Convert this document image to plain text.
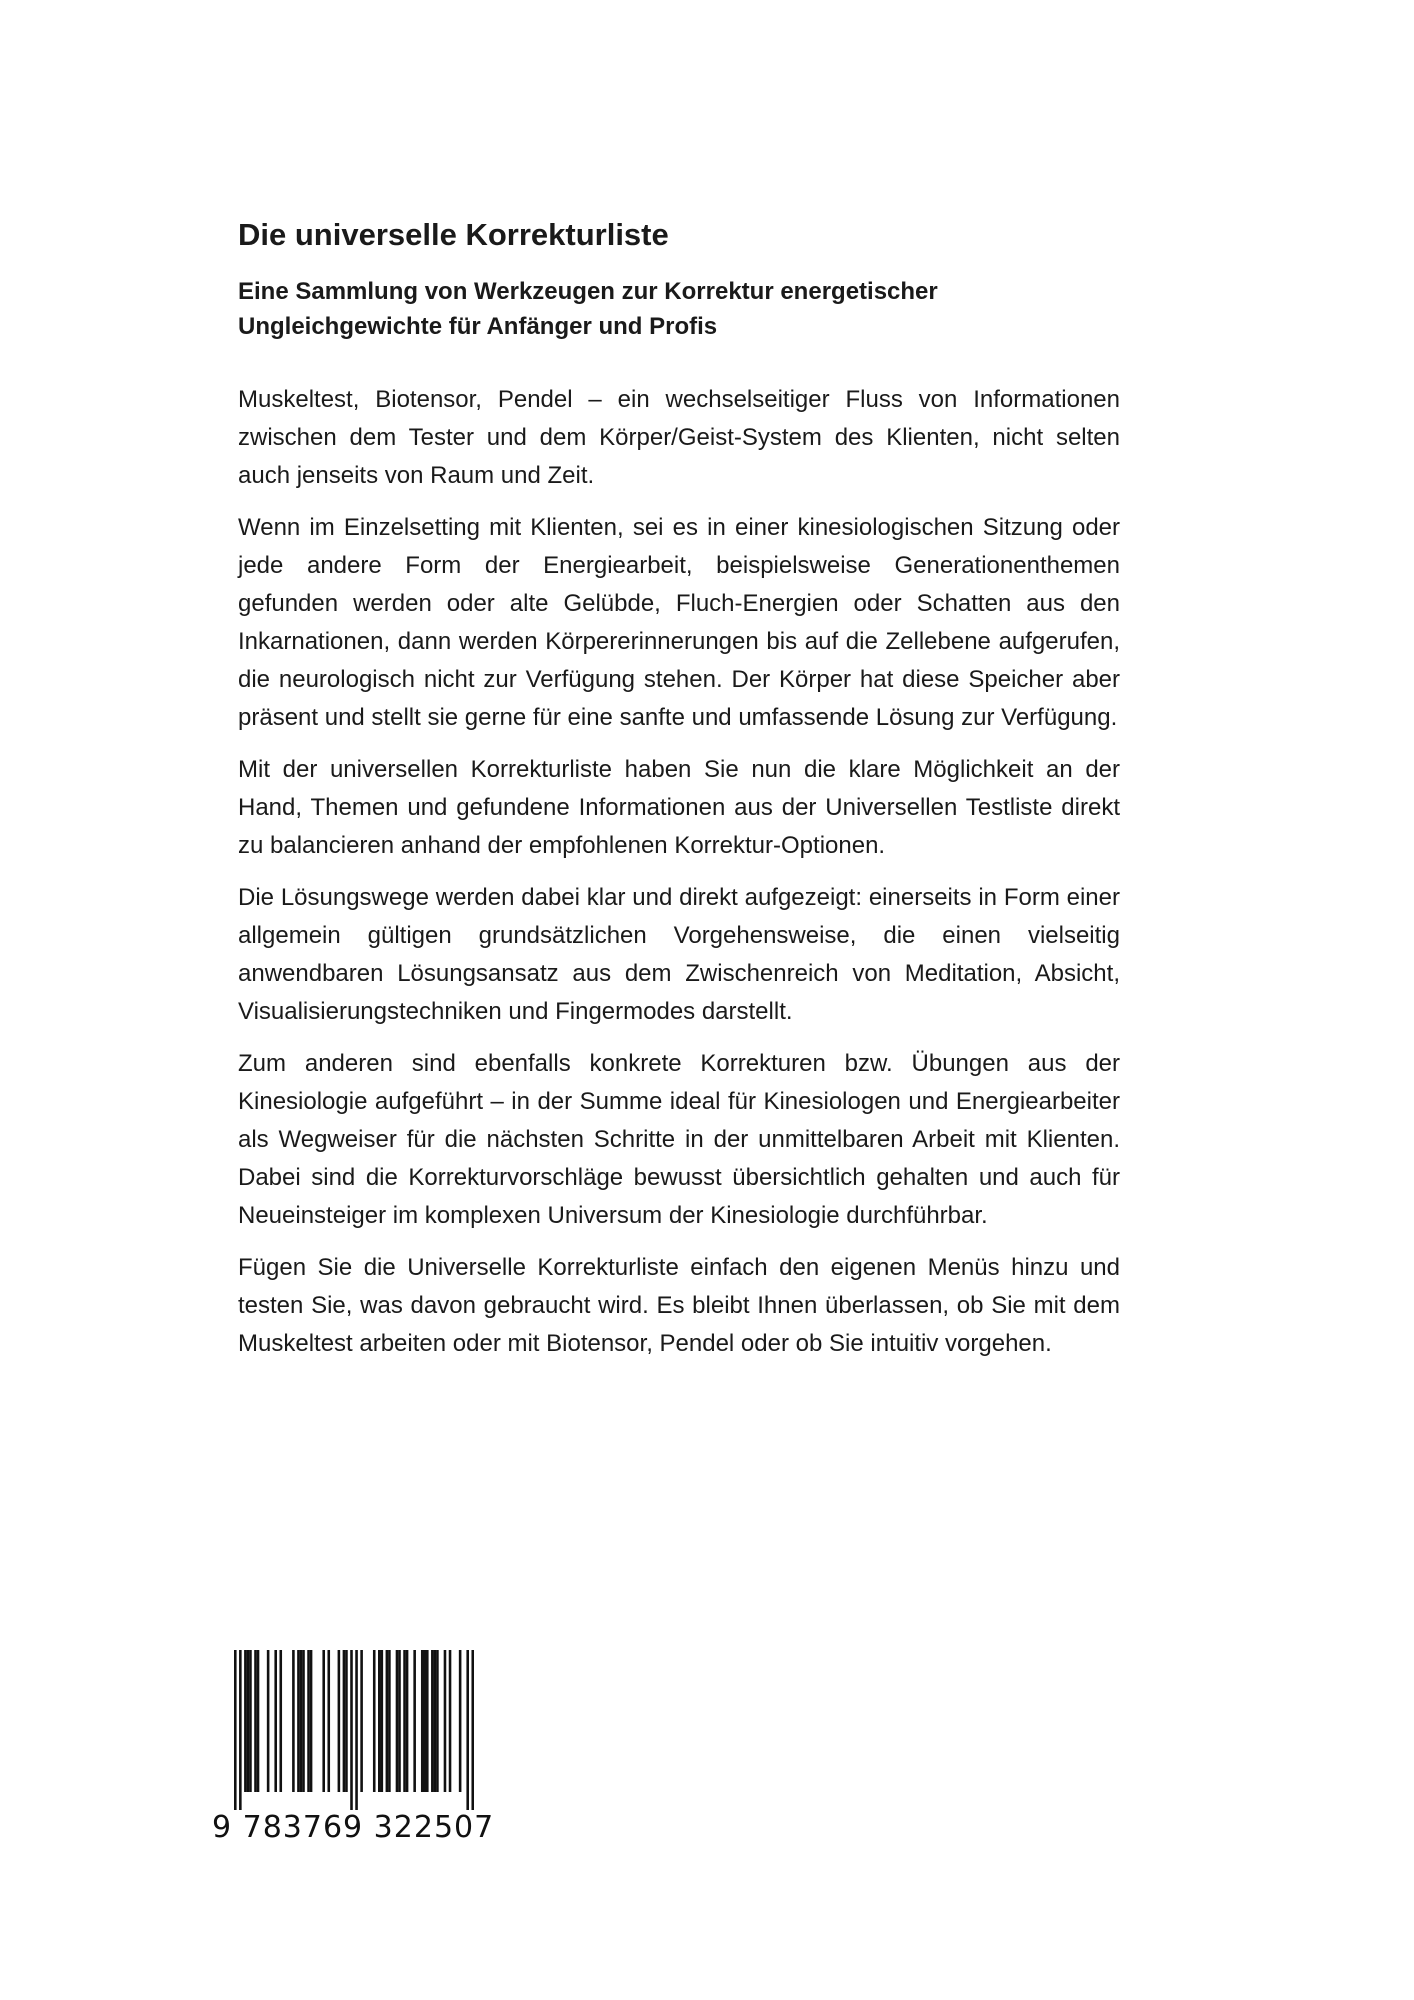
Die universelle Korrekturliste
Eine Sammlung von Werkzeugen zur Korrektur energetischer Ungleichgewichte für Anfänger und Profis

Muskeltest, Biotensor, Pendel – ein wechselseitiger Fluss von Informationen zwischen dem Tester und dem Körper/Geist-System des Klienten, nicht selten auch jenseits von Raum und Zeit.

Wenn im Einzelsetting mit Klienten, sei es in einer kinesiologischen Sitzung oder jede andere Form der Energiearbeit, beispielsweise Generationenthemen gefunden werden oder alte Gelübde, Fluch-Energien oder Schatten aus den Inkarnationen, dann werden Körpererinnerungen bis auf die Zellebene aufgerufen, die neurologisch nicht zur Verfügung stehen. Der Körper hat diese Speicher aber präsent und stellt sie gerne für eine sanfte und umfassende Lösung zur Verfügung.

Mit der universellen Korrekturliste haben Sie nun die klare Möglichkeit an der Hand, Themen und gefundene Informationen aus der Universellen Testliste direkt zu balancieren anhand der empfohlenen Korrektur-Optionen.

Die Lösungswege werden dabei klar und direkt aufgezeigt: einerseits in Form einer allgemein gültigen grundsätzlichen Vorgehensweise, die einen vielseitig anwendbaren Lösungsansatz aus dem Zwischenreich von Meditation, Absicht, Visualisierungstechniken und Fingermodes darstellt.

Zum anderen sind ebenfalls konkrete Korrekturen bzw. Übungen aus der Kinesiologie aufgeführt – in der Summe ideal für Kinesiologen und Energiearbeiter als Wegweiser für die nächsten Schritte in der unmittelbaren Arbeit mit Klienten. Dabei sind die Korrekturvorschläge bewusst übersichtlich gehalten und auch für Neueinsteiger im komplexen Universum der Kinesiologie durchführbar.

Fügen Sie die Universelle Korrekturliste einfach den eigenen Menüs hinzu und testen Sie, was davon gebraucht wird. Es bleibt Ihnen überlassen, ob Sie mit dem Muskeltest arbeiten oder mit Biotensor, Pendel oder ob Sie intuitiv vorgehen.

9 783769 322507
